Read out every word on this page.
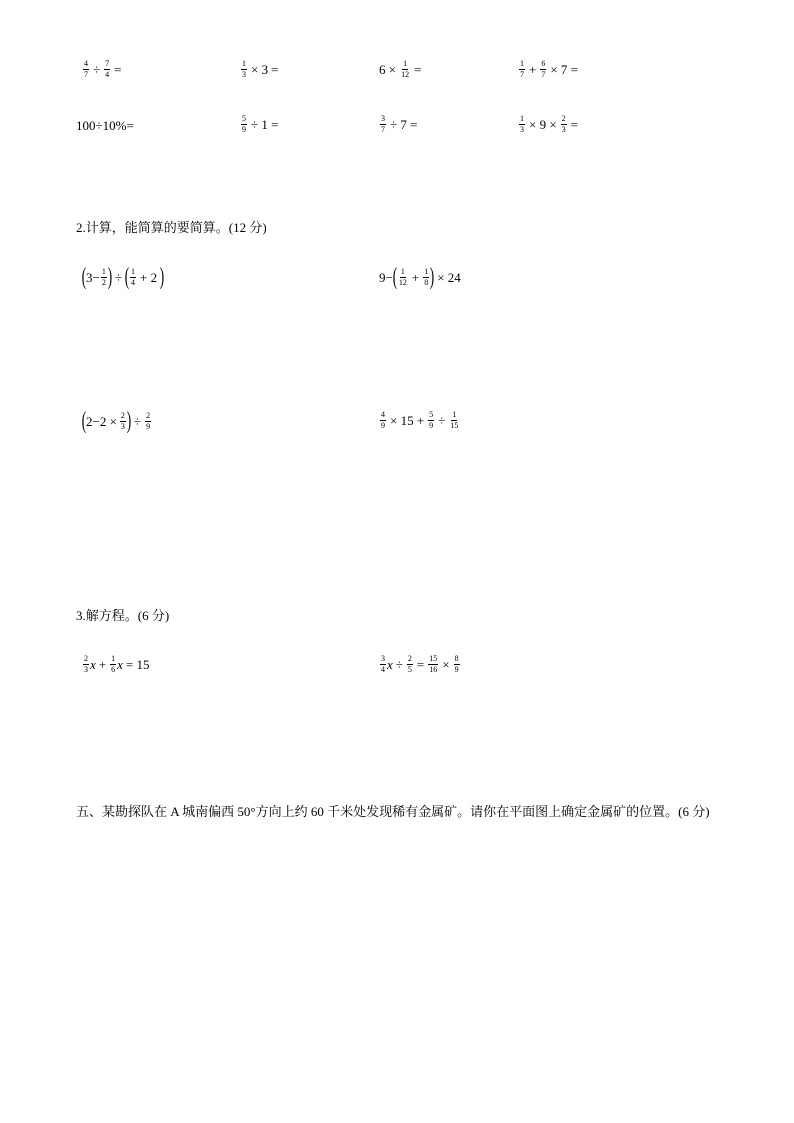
$\frac{4}{7} \div \frac{7}{4}$ =	$\frac{1}{3} \times 3$ =	$6 \times \frac{1}{12}$ =	$\frac{1}{7} + \frac{6}{7} \times 7$ =
100÷10%=	$\frac{5}{9} \div 1$ =	$\frac{3}{7} \div 7$ =	$\frac{1}{3} \times 9 \times \frac{2}{3}$ =
2.计算，能简算的要简算。(12 分)
( $3- \frac{1}{2}$ ) ÷ ( $\frac{1}{4} + 2$ )	9− ( $\frac{1}{12} + \frac{1}{8}$ ) × 24
( $2-2 \times \frac{2}{3}$ ) ÷ $\frac{2}{9}$	$\frac{4}{9} \times 15 + \frac{5}{9} \div \frac{1}{15}$
3.解方程。(6 分)
$\frac{2}{3}$ $x + \frac{1}{6}$ x = 15	$\frac{3}{4}$ $x \div \frac{2}{5} = \frac{15}{16} \times \frac{8}{9}$
五、某勘探队在 A 城南偏西 50°方向上约 60 千米处发现稀有金属矿。请你在平面图上确定金属矿的位置。(6 分)
